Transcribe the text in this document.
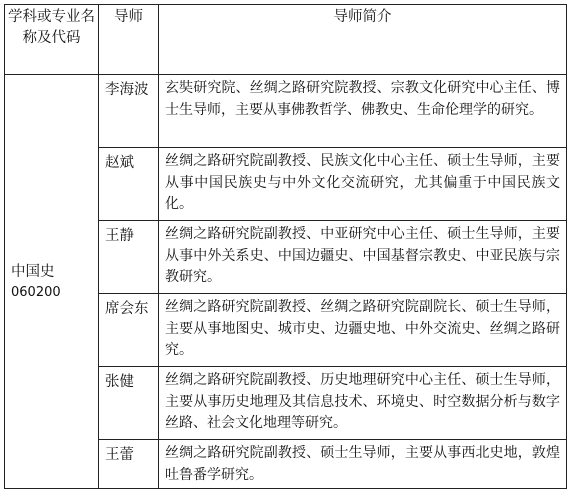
学科或专业名称及代码	导师	导师简介

中国史
060200	李海波	玄奘研究院、丝绸之路研究院教授、宗教文化研究中心主任、博士生导师，主要从事佛教哲学、佛教史、生命伦理学的研究。

	赵斌	丝绸之路研究院副教授、民族文化中心主任、硕士生导师，主要从事中国民族史与中外文化交流研究，尤其偏重于中国民族文化。

	王静	丝绸之路研究院副教授、中亚研究中心主任、硕士生导师，主要从事中外关系史、中国边疆史、中国基督宗教史、中亚民族与宗教研究。

	席会东	丝绸之路研究院副教授、丝绸之路研究院副院长、硕士生导师，主要从事地图史、城市史、边疆史地、中外交流史、丝绸之路研究。

	张健	丝绸之路研究院副教授、历史地理研究中心主任、硕士生导师，主要从事历史地理及其信息技术、环境史、时空数据分析与数字丝路、社会文化地理等研究。

	王蕾	丝绸之路研究院副教授、硕士生导师，主要从事西北史地，敦煌吐鲁番学研究。
